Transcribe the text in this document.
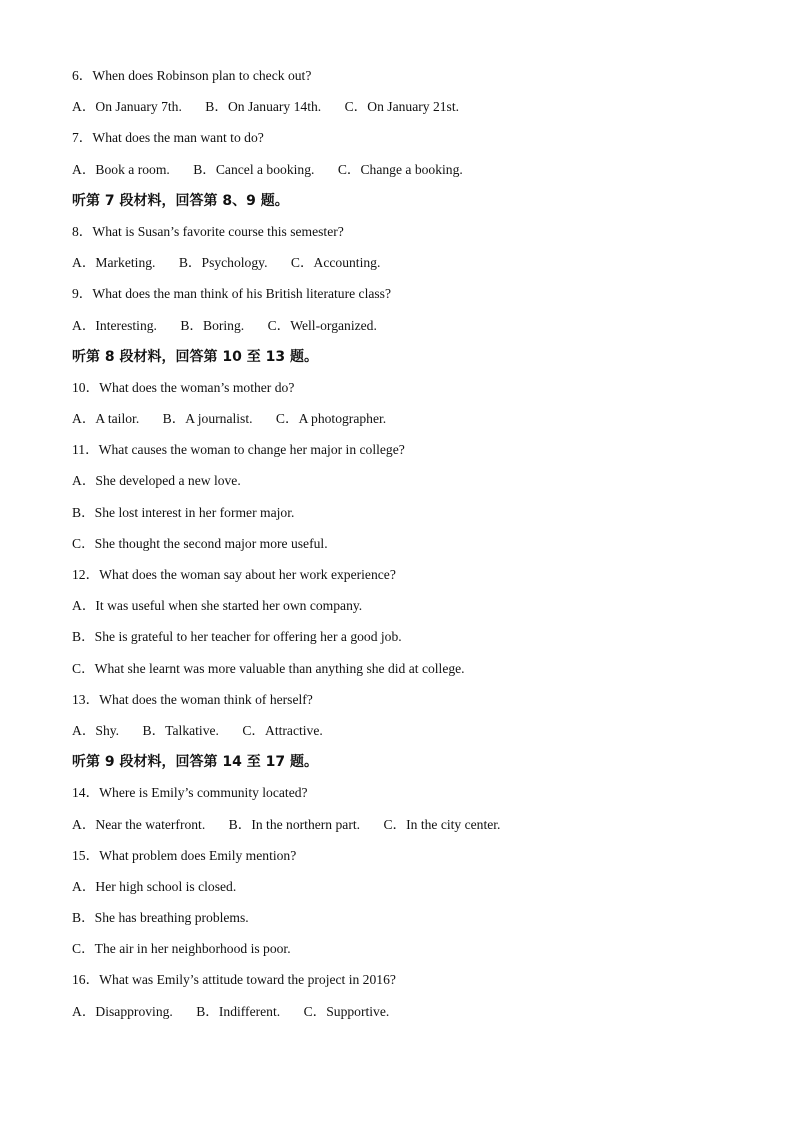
6．When does Robinson plan to check out?
A．On January 7th. B．On January 14th. C．On January 21st.
7．What does the man want to do?
A．Book a room. B．Cancel a booking. C．Change a booking.
听第 7 段材料，回答第 8、9 题。
8．What is Susan’s favorite course this semester?
A．Marketing. B．Psychology. C．Accounting.
9．What does the man think of his British literature class?
A．Interesting. B．Boring. C．Well-organized.
听第 8 段材料，回答第 10 至 13 题。
10．What does the woman’s mother do?
A．A tailor. B．A journalist. C．A photographer.
11．What causes the woman to change her major in college?
A．She developed a new love.
B．She lost interest in her former major.
C．She thought the second major more useful.
12．What does the woman say about her work experience?
A．It was useful when she started her own company.
B．She is grateful to her teacher for offering her a good job.
C．What she learnt was more valuable than anything she did at college.
13．What does the woman think of herself?
A．Shy. B．Talkative. C．Attractive.
听第 9 段材料，回答第 14 至 17 题。
14．Where is Emily’s community located?
A．Near the waterfront. B．In the northern part. C．In the city center.
15．What problem does Emily mention?
A．Her high school is closed.
B．She has breathing problems.
C．The air in her neighborhood is poor.
16．What was Emily’s attitude toward the project in 2016?
A．Disapproving. B．Indifferent. C．Supportive.
